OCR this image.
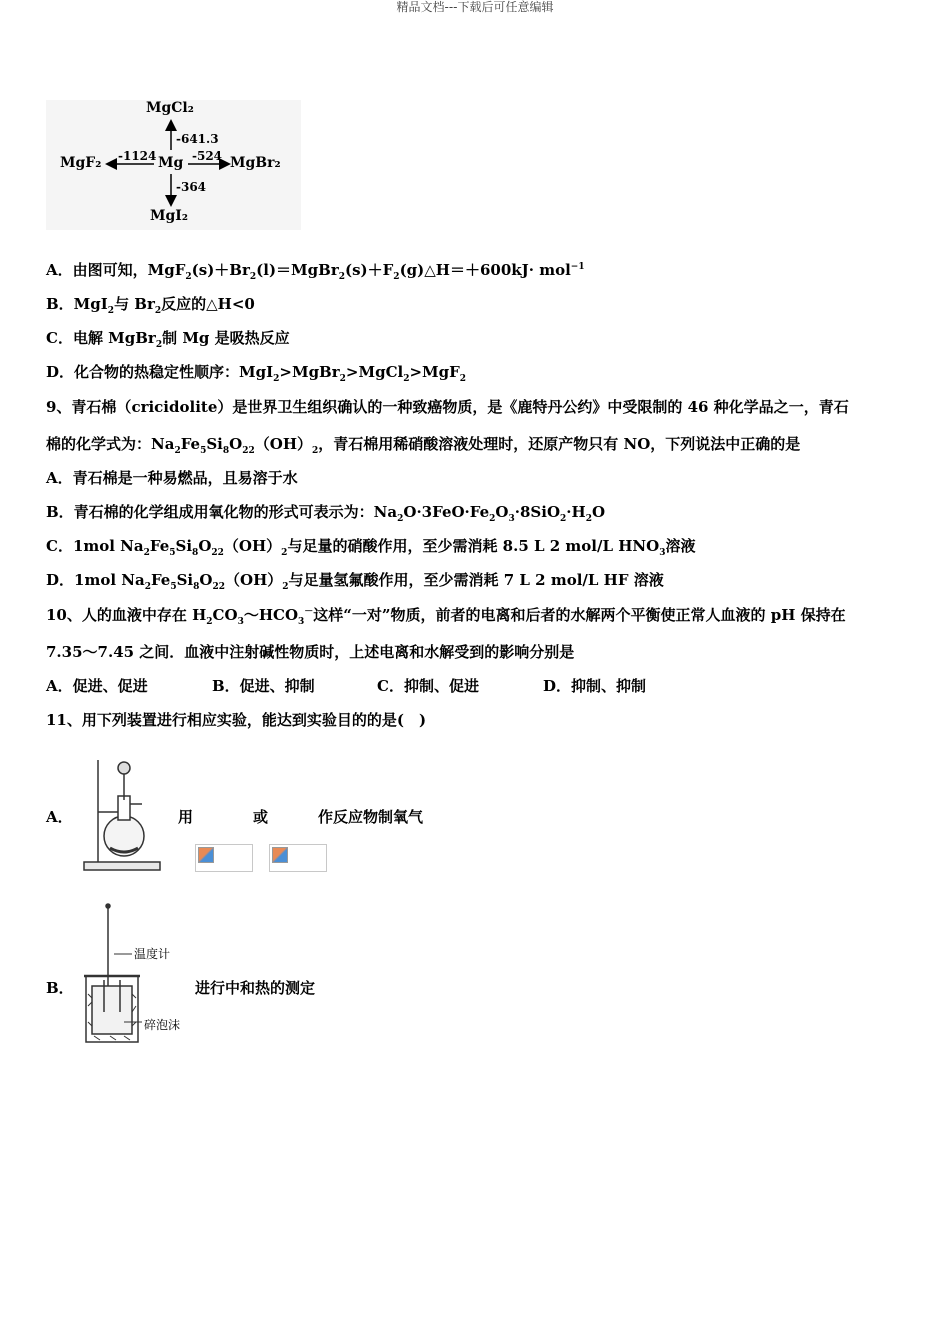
精品文档---下载后可任意编辑
MgCl₂
-641.3
MgF₂ -1124 Mg -524 MgBr₂
-364
MgI₂
A．由图可知，$MgF_2(s)+Br_2(l)=MgBr_2(s)+F_2(g)\triangle H=+600kJ\cdot mol^{-1}$
B．MgI$_2$与 $Br_2$反应的△H<0
C．电解 MgBr$_2$制 Mg 是吸热反应
D．化合物的热稳定性顺序：MgI$_2$>MgBr$_2$>MgCl$_2$>MgF$_2$
9、青石棉（cricidolite）是世界卫生组织确认的一种致癌物质，是《鹿特丹公约》中受限制的 46 种化学品之一，青石
棉的化学式为：$Na_2Fe_5Si_8O_{22}(OH)_2$，青石棉用稀硝酸溶液处理时，还原产物只有 NO，下列说法中正确的是
A．青石棉是一种易燃品，且易溶于水
B．青石棉的化学组成用氧化物的形式可表示为：$Na_2O\cdot 3FeO\cdot Fe_2O_3\cdot 8SiO_2\cdot H_2O$
C．1mol $Na_2Fe_5Si_8O_{22}(OH)_2$与足量的硝酸作用，至少需消耗 8.5 L 2 mol/L $HNO_3$溶液
D．1mol $Na_2Fe_5Si_8O_{22}(OH)_2$与足量氢氟酸作用，至少需消耗 7 L 2 mol/L HF 溶液
10、人的血液中存在 $H_2CO_3\sim HCO_3^-$这样“一对”物质，前者的电离和后者的水解两个平衡使正常人血液的 pH 保持在
7.35～7.45 之间．血液中注射碱性物质时，上述电离和水解受到的影响分别是
A．促进、促进	B．促进、抑制	C．抑制、促进	D．抑制、抑制
11、用下列装置进行相应实验，能达到实验目的的是(　)
A．	用	或	作反应物制氧气
温度计
碎泡沫
B．	进行中和热的测定
